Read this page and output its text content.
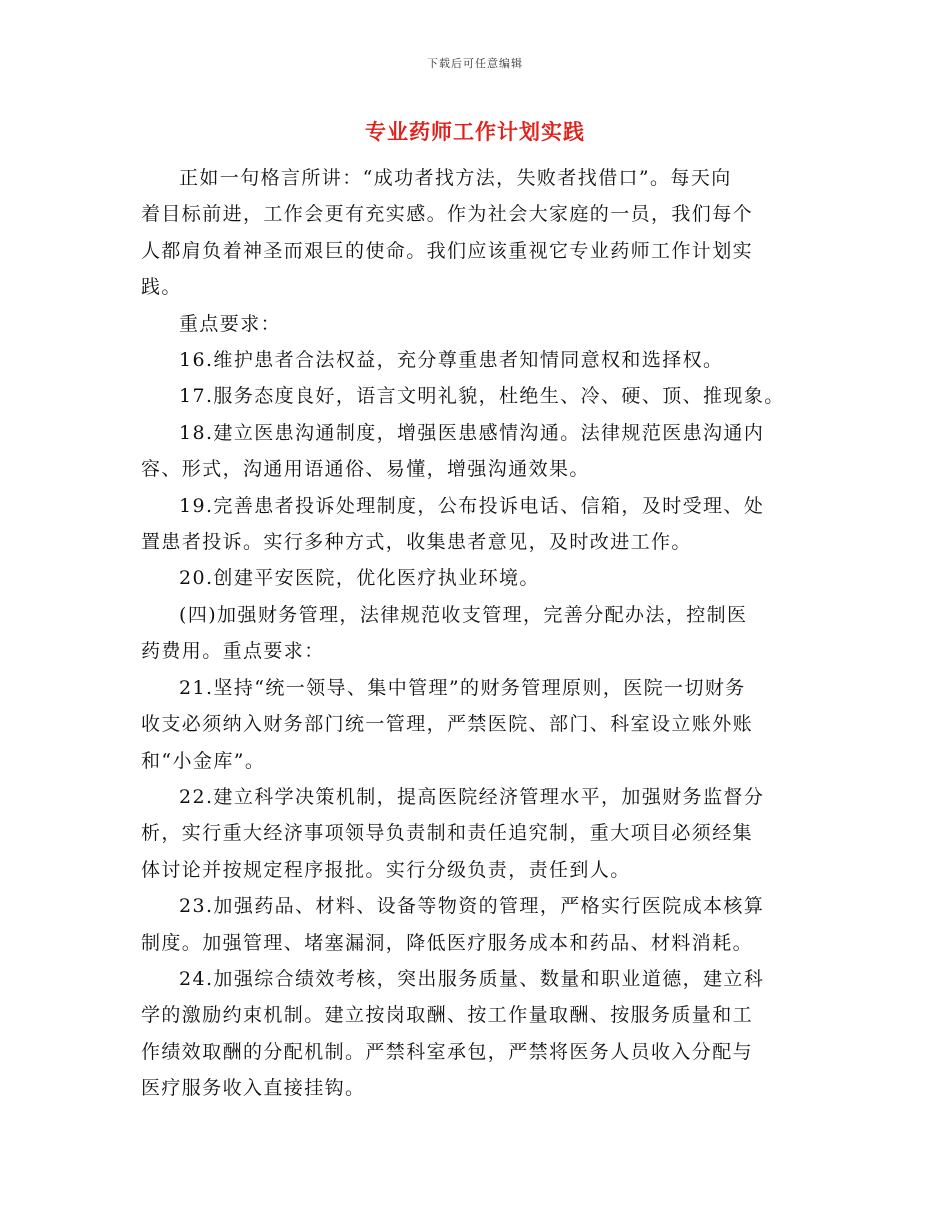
下载后可任意编辑
专业药师工作计划实践

正如一句格言所讲：“成功者找方法，失败者找借口”。每天向
着目标前进，工作会更有充实感。作为社会大家庭的一员，我们每个
人都肩负着神圣而艰巨的使命。我们应该重视它专业药师工作计划实
践。

重点要求：

16.维护患者合法权益，充分尊重患者知情同意权和选择权。

17.服务态度良好，语言文明礼貌，杜绝生、冷、硬、顶、推现象。

18.建立医患沟通制度，增强医患感情沟通。法律规范医患沟通内
容、形式，沟通用语通俗、易懂，增强沟通效果。

19.完善患者投诉处理制度，公布投诉电话、信箱，及时受理、处
置患者投诉。实行多种方式，收集患者意见，及时改进工作。

20.创建平安医院，优化医疗执业环境。

(四)加强财务管理，法律规范收支管理，完善分配办法，控制医
药费用。重点要求：

21.坚持“统一领导、集中管理”的财务管理原则，医院一切财务
收支必须纳入财务部门统一管理，严禁医院、部门、科室设立账外账
和“小金库”。

22.建立科学决策机制，提高医院经济管理水平，加强财务监督分
析，实行重大经济事项领导负责制和责任追究制，重大项目必须经集
体讨论并按规定程序报批。实行分级负责，责任到人。

23.加强药品、材料、设备等物资的管理，严格实行医院成本核算
制度。加强管理、堵塞漏洞，降低医疗服务成本和药品、材料消耗。

24.加强综合绩效考核，突出服务质量、数量和职业道德，建立科
学的激励约束机制。建立按岗取酬、按工作量取酬、按服务质量和工
作绩效取酬的分配机制。严禁科室承包，严禁将医务人员收入分配与
医疗服务收入直接挂钩。
